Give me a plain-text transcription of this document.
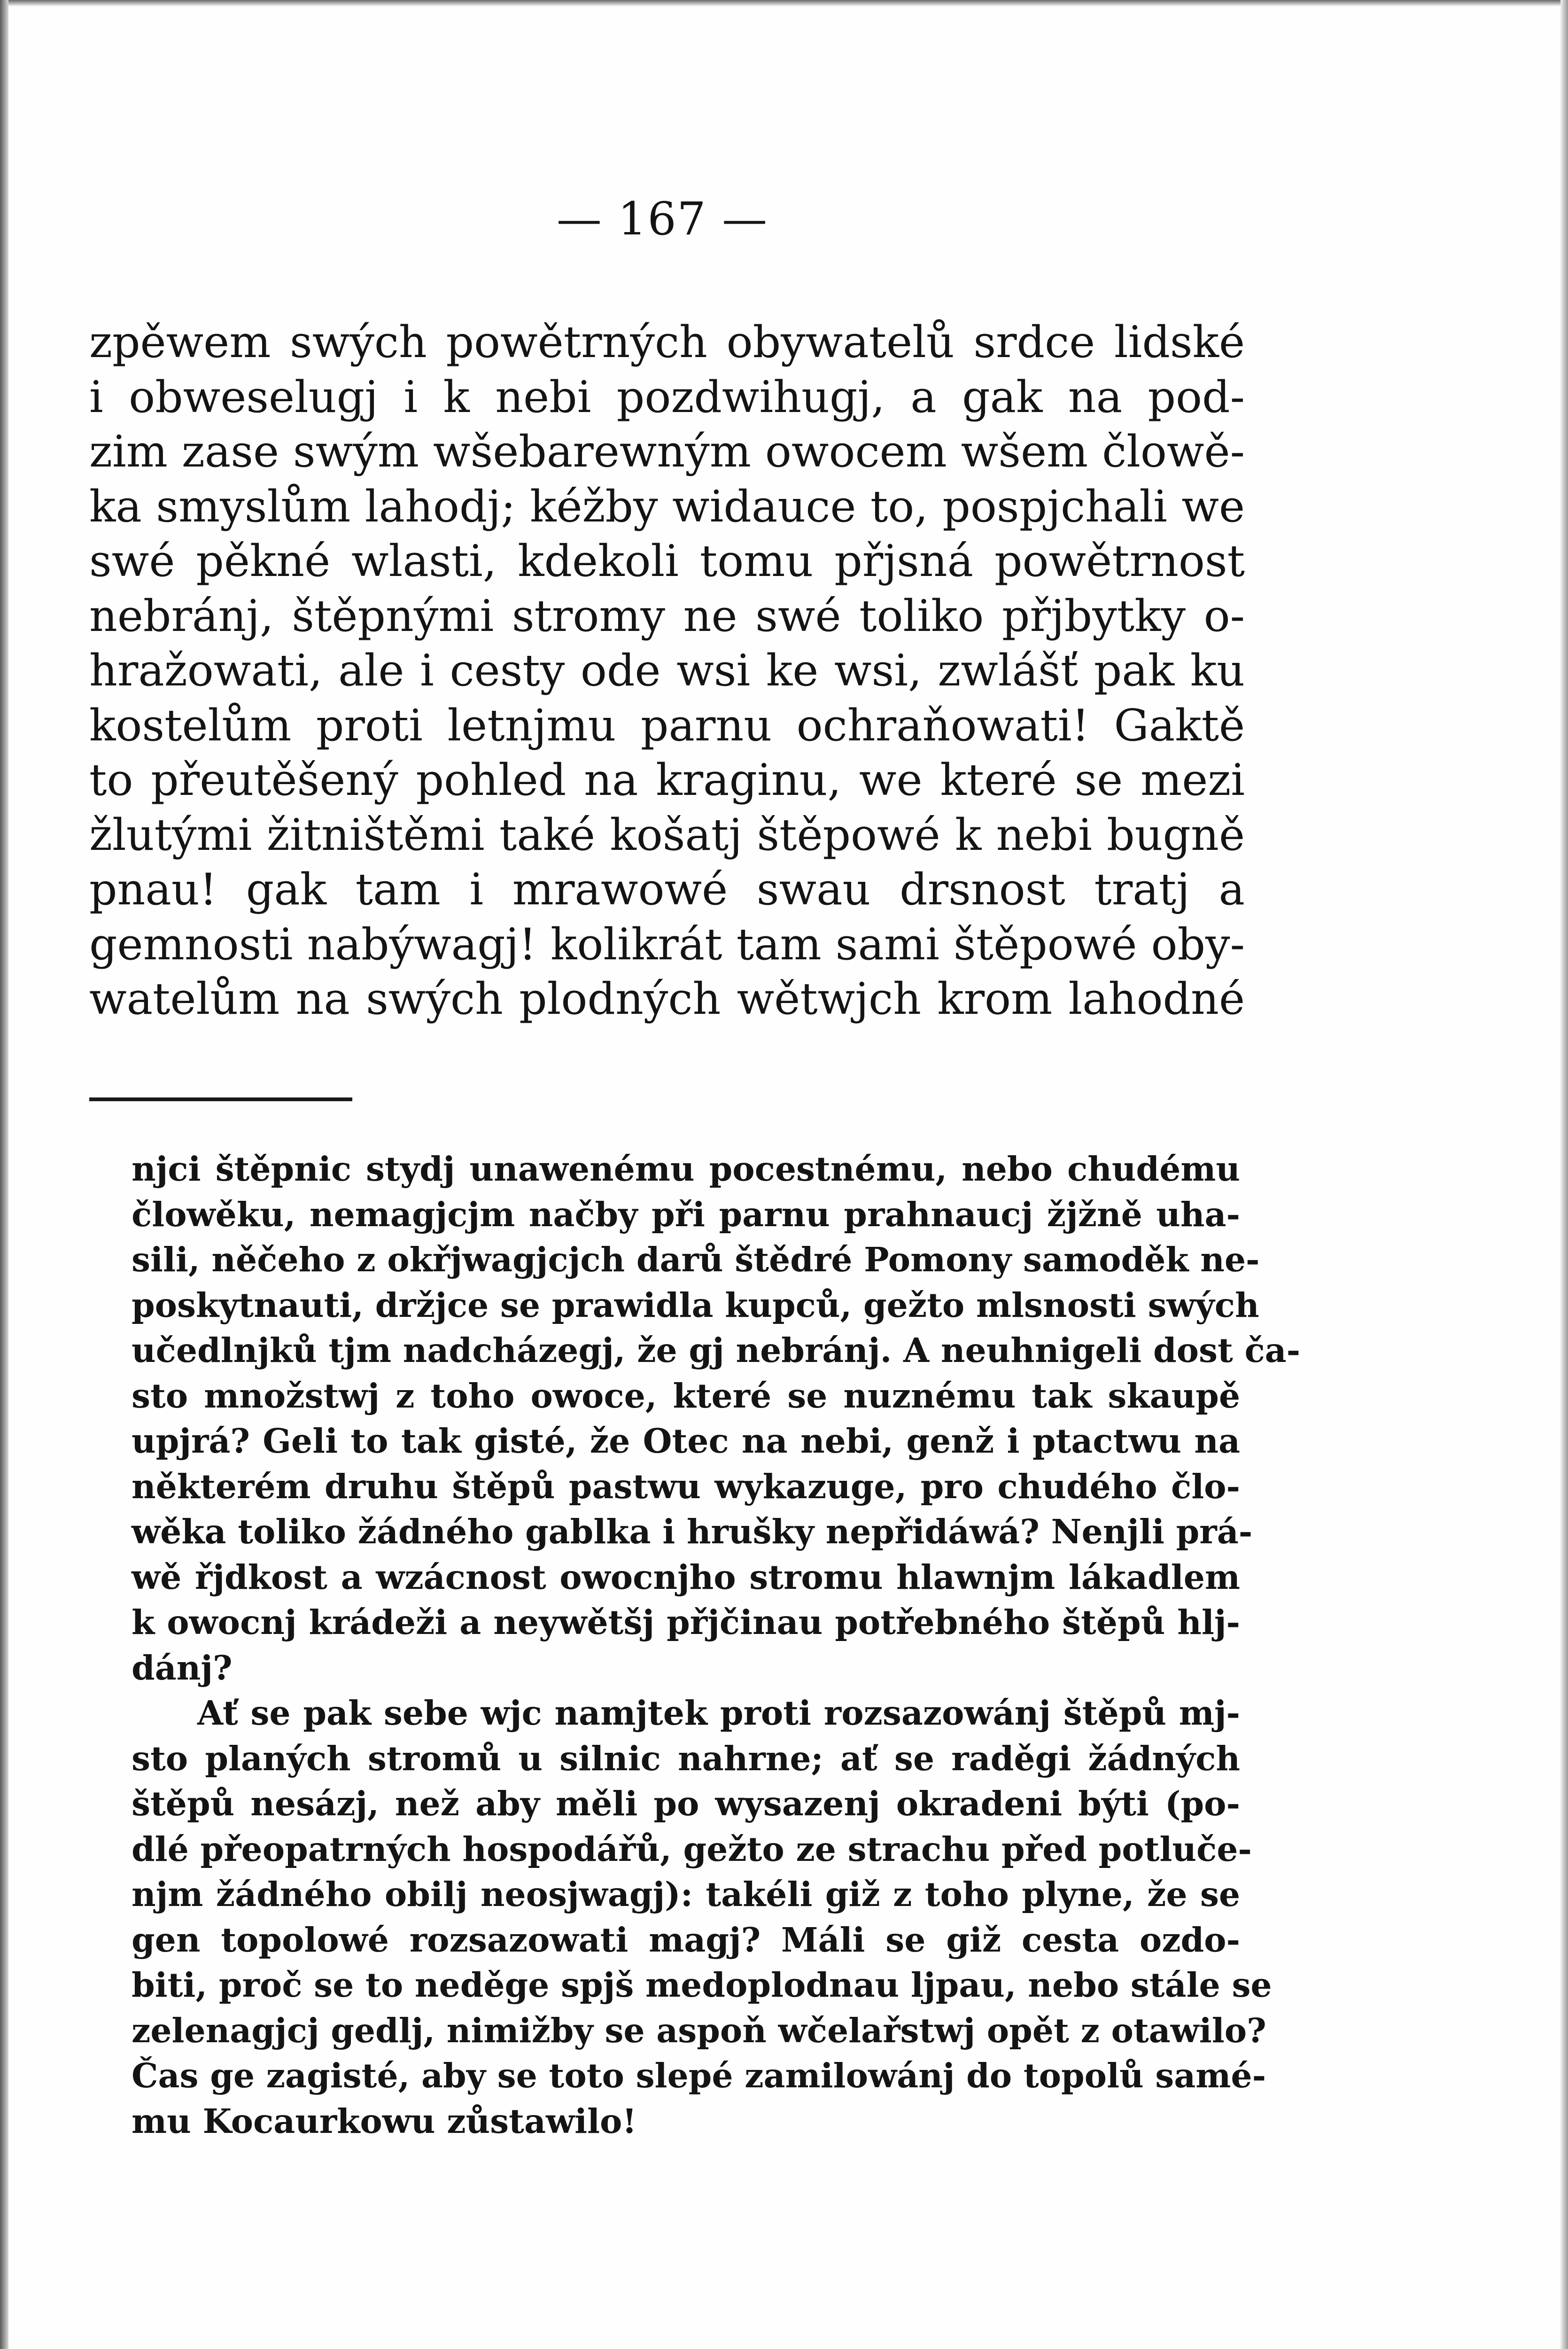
— 167 —
zpěwem swých powětrných obywatelů srdce lidské
i obweselugj i k nebi pozdwihugj, a gak na pod-
zim zase swým wšebarewným owocem wšem člowě-
ka smyslům lahodj; kéžby widauce to, pospjchali we
swé pěkné wlasti, kdekoli tomu přjsná powětrnost
nebránj, štěpnými stromy ne swé toliko přjbytky o-
hražowati, ale i cesty ode wsi ke wsi, zwlášť pak ku
kostelům proti letnjmu parnu ochraňowati! Gaktě
to přeutěšený pohled na kraginu, we které se mezi
žlutými žitništěmi také košatj štěpowé k nebi bugně
pnau! gak tam i mrawowé swau drsnost tratj a
gemnosti nabýwagj! kolikrát tam sami štěpowé oby-
watelům na swých plodných wětwjch krom lahodné
njci štěpnic stydj unawenému pocestnému, nebo chudému
člowěku, nemagjcjm načby při parnu prahnaucj žjžně uha-
sili, něčeho z okřjwagjcjch darů štědré Pomony samoděk ne-
poskytnauti, držjce se prawidla kupců, gežto mlsnosti swých
učedlnjků tjm nadcházegj, že gj nebránj. A neuhnigeli dost ča-
sto množstwj z toho owoce, které se nuznému tak skaupě
upjrá? Geli to tak gisté, že Otec na nebi, genž i ptactwu na
některém druhu štěpů pastwu wykazuge, pro chudého člo-
wěka toliko žádného gablka i hrušky nepřidáwá? Nenjli prá-
wě řjdkost a wzácnost owocnjho stromu hlawnjm lákadlem
k owocnj krádeži a neywětšj přjčinau potřebného štěpů hlj-
dánj?
Ať se pak sebe wjc namjtek proti rozsazowánj štěpů mj-
sto planých stromů u silnic nahrne; ať se raděgi žádných
štěpů nesázj, než aby měli po wysazenj okradeni býti (po-
dlé přeopatrných hospodářů, gežto ze strachu před potluče-
njm žádného obilj neosjwagj): takéli giž z toho plyne, že se
gen topolowé rozsazowati magj? Máli se giž cesta ozdo-
biti, proč se to neděge spjš medoplodnau ljpau, nebo stále se
zelenagjcj gedlj, nimižby se aspoň wčelařstwj opět z otawilo?
Čas ge zagisté, aby se toto slepé zamilowánj do topolů samé-
mu Kocaurkowu zůstawilo!
